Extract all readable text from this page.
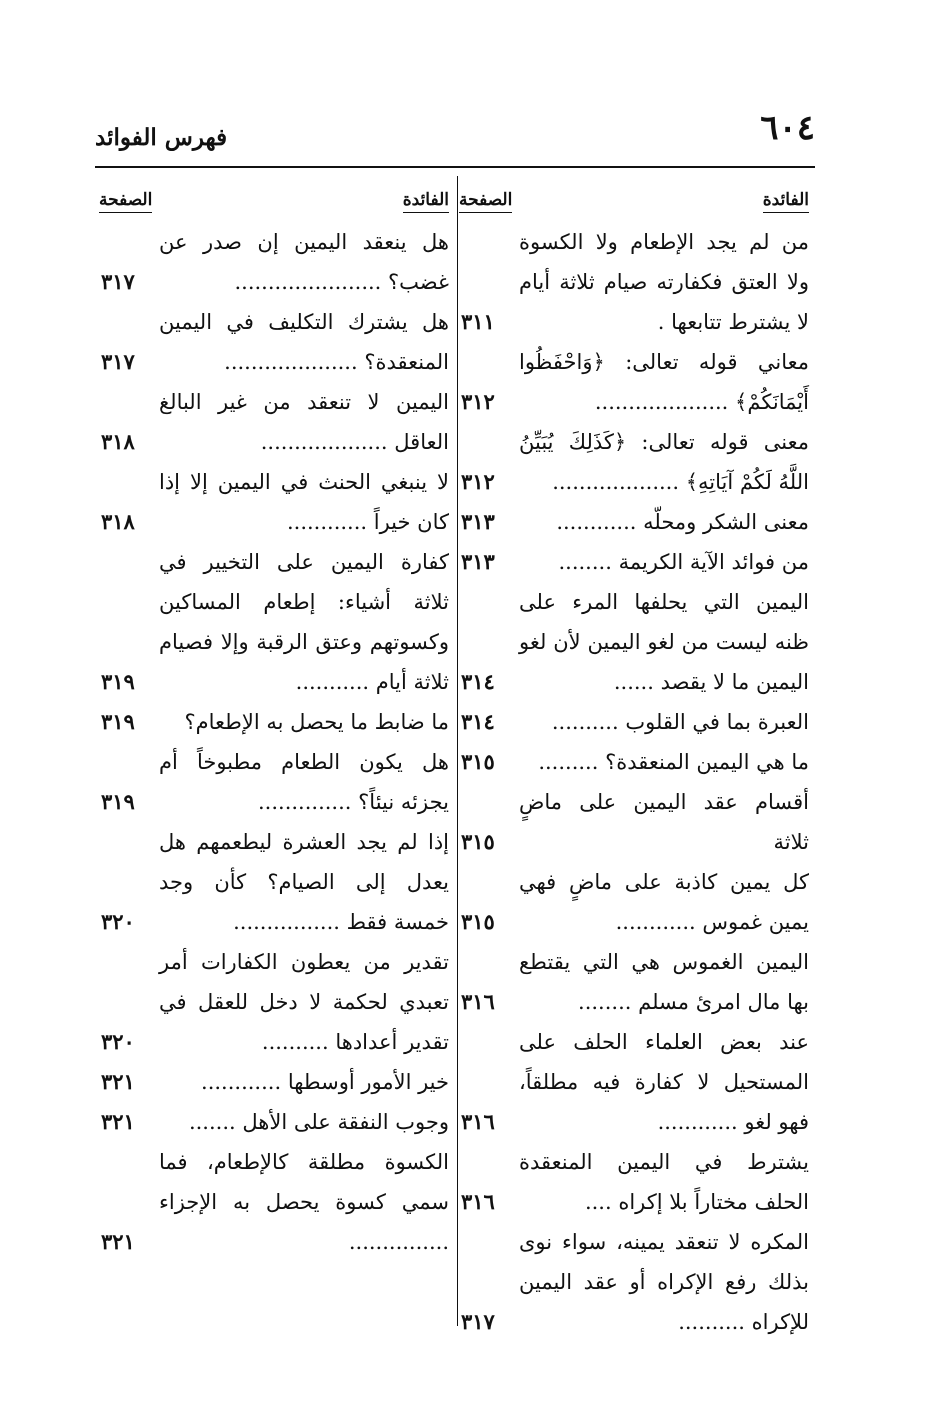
٦٠٤
فهرس الفوائد
الفائدة
الصفحة
من لم يجد الإطعام ولا الكسوة ولا العتق فكفارته صيام ثلاثة أيام لا يشترط تتابعها .
٣١١
معاني قوله تعالى: ﴿وَاحْفَظُوا أَيْمَانَكُمْ﴾ ....................
٣١٢
معنى قوله تعالى: ﴿كَذَلِكَ يُبَيِّنُ اللَّهُ لَكُمْ آيَاتِهِ﴾ ...................
٣١٢
معنى الشكر ومحلّه ............
٣١٣
من فوائد الآية الكريمة ........
٣١٣
اليمين التي يحلفها المرء على ظنه ليست من لغو اليمين لأن لغو اليمين ما لا يقصد ......
٣١٤
العبرة بما في القلوب ..........
٣١٤
ما هي اليمين المنعقدة؟ .........
٣١٥
أقسام عقد اليمين على ماضٍ ثلاثة
٣١٥
كل يمين كاذبة على ماضٍ فهي يمين غموس ............
٣١٥
اليمين الغموس هي التي يقتطع بها مال امرئ مسلم ........
٣١٦
عند بعض العلماء الحلف على المستحيل لا كفارة فيه مطلقاً، فهو لغو ............
٣١٦
يشترط في اليمين المنعقدة الحلف مختاراً بلا إكراه ....
٣١٦
المكره لا تنعقد يمينه، سواء نوى بذلك رفع الإكراه أو عقد اليمين للإكراه ..........
٣١٧
الفائدة
الصفحة
هل ينعقد اليمين إن صدر عن غضب؟ ......................
٣١٧
هل يشترك التكليف في اليمين المنعقدة؟ ....................
٣١٧
اليمين لا تنعقد من غير البالغ العاقل ...................
٣١٨
لا ينبغي الحنث في اليمين إلا إذا كان خيراً ............
٣١٨
كفارة اليمين على التخيير في ثلاثة أشياء: إطعام المساكين وكسوتهم وعتق الرقبة وإلا فصيام ثلاثة أيام ...........
٣١٩
ما ضابط ما يحصل به الإطعام؟
٣١٩
هل يكون الطعام مطبوخاً أم يجزئه نيئاً؟ ..............
٣١٩
إذا لم يجد العشرة ليطعمهم هل يعدل إلى الصيام؟ كأن وجد خمسة فقط ................
٣٢٠
تقدير من يعطون الكفارات أمر تعبدي لحكمة لا دخل للعقل في تقدير أعدادها ..........
٣٢٠
خير الأمور أوسطها ............
٣٢١
وجوب النفقة على الأهل .......
٣٢١
الكسوة مطلقة كالإطعام، فما سمي كسوة يحصل به الإجزاء ...............
٣٢١
